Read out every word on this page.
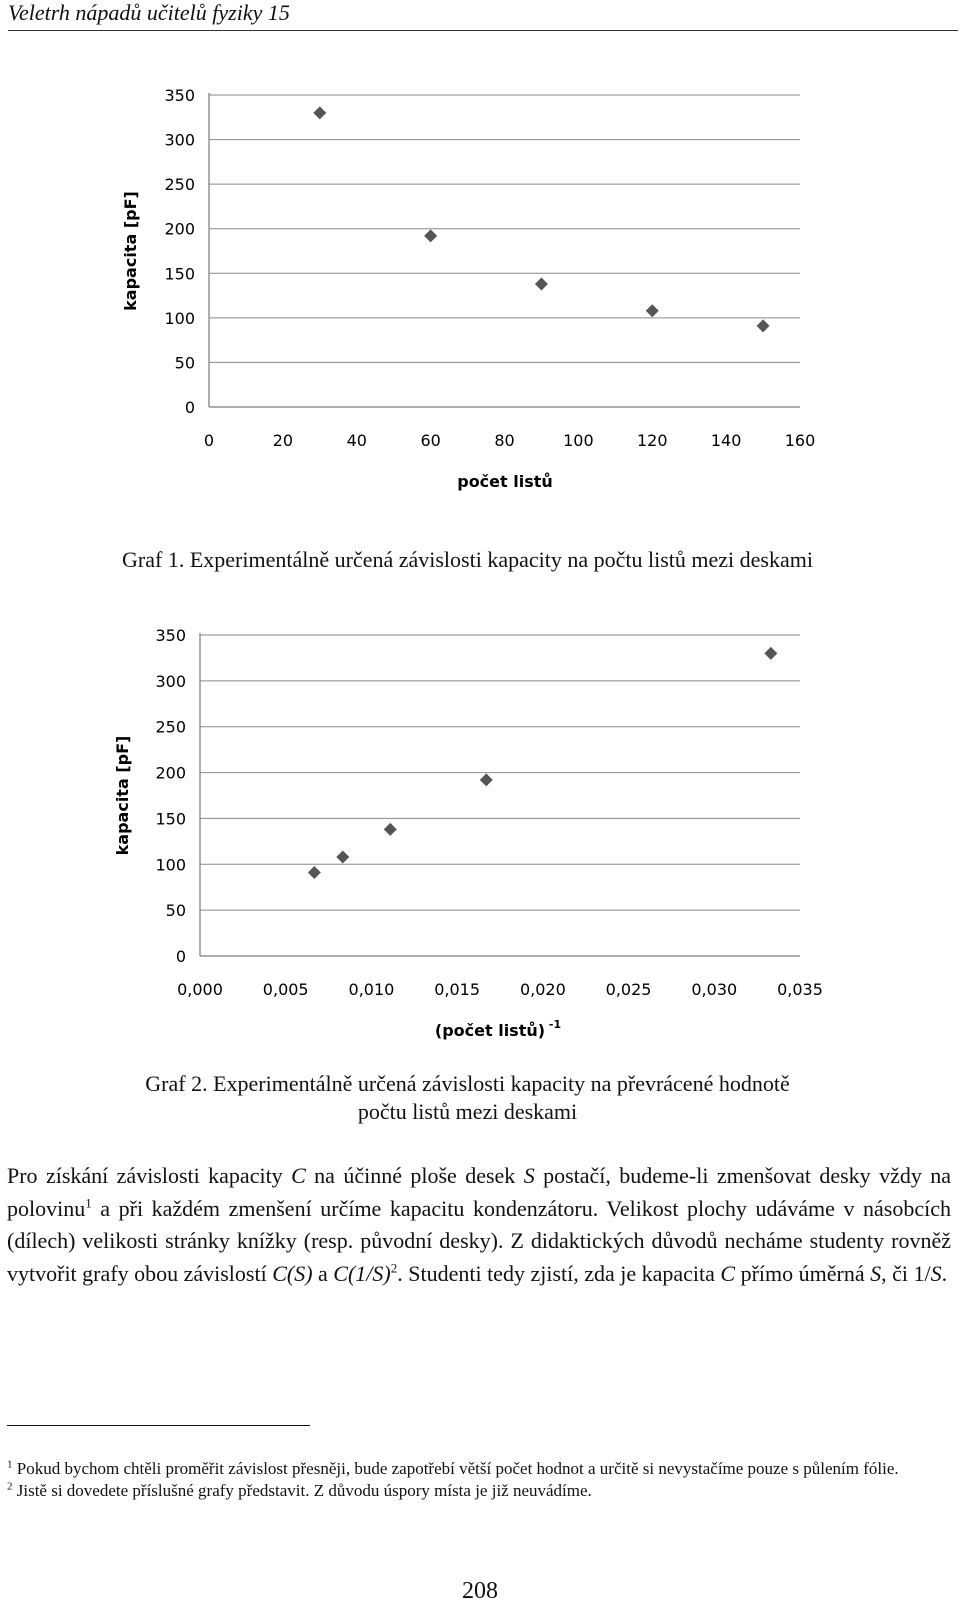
Veletrh nápadů učitelů fyziky 15
0
50
100
150
200
250
300
350
0	20	40	60	80	100	120	140	160
počet listů
kapacita [pF]
Graf 1. Experimentálně určená závislosti kapacity na počtu listů mezi deskami
0
50
100
150
200
250
300
350
0,000 0,005 0,010 0,015 0,020 0,025 0,030 0,035
(počet listů) $^{-1}$
kapacita [pF]
Graf 2. Experimentálně určená závislosti kapacity na převrácené hodnotě
počtu listů mezi deskami
Pro získání závislosti kapacity C na účinné ploše desek S postačí, budeme-li zmenšovat desky vždy na polovinu$^1$ a při každém zmenšení určíme kapacitu kondenzátoru. Velikost plochy udáváme v násobcích (dílech) velikosti stránky knížky (resp. původní desky). Z didaktických důvodů necháme studenty rovněž vytvořit grafy obou závislostí C(S) a $C(1/S)^2$. Studenti tedy zjistí, zda je kapacita C přímo úměrná S, či 1/S.
$^1$ Pokud bychom chtěli proměřit závislost přesněji, bude zapotřebí větší počet hodnot a určitě si nevystačíme pouze s půlením fólie.
$^2$ Jistě si dovedete příslušné grafy představit. Z důvodu úspory místa je již neuvádíme.
208
